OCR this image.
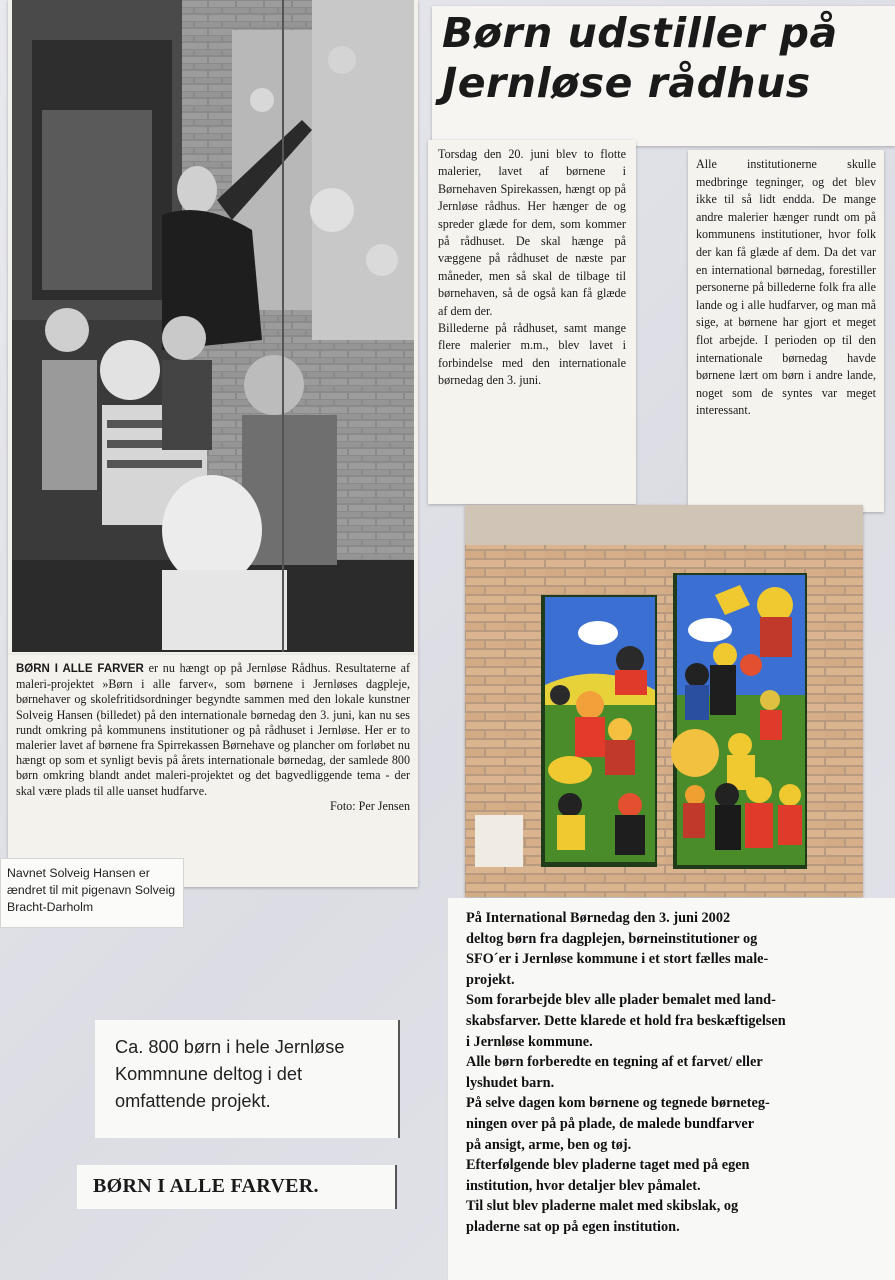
BØRN I ALLE FARVER er nu hængt op på Jernløse Rådhus. Resultaterne af maleri-projektet »Børn i alle farver«, som børnene i Jernløses dagpleje, børnehaver og skolefritidsordninger begyndte sammen med den lokale kunstner Solveig Hansen (billedet) på den internationale børnedag den 3. juni, kan nu ses rundt omkring på kommunens institutioner og på rådhuset i Jernløse. Her er to malerier lavet af børnene fra Spirrekassen Børnehave og plancher om forløbet nu hængt op som et synligt bevis på årets internationale børnedag, der samlede 800 børn omkring blandt andet maleri-projektet og det bagvedliggende tema - der skal være plads til alle uanset hudfarve.
Foto: Per Jensen

Navnet Solveig Hansen er ændret til mit pigenavn Solveig Bracht-Darholm

Børn udstiller på
Jernløse rådhus

Torsdag den 20. juni blev to flotte malerier, lavet af børnene i Børnehaven Spirekassen, hængt op på Jernløse rådhus. Her hænger de og spreder glæde for dem, som kommer på rådhuset. De skal hænge på væggene på rådhuset de næste par måneder, men så skal de tilbage til børnehaven, så de også kan få glæde af dem der.

Billederne på rådhuset, samt mange flere malerier m.m., blev lavet i forbindelse med den internationale børnedag den 3. juni.

Alle institutionerne skulle medbringe tegninger, og det blev ikke til så lidt endda. De mange andre malerier hænger rundt om på kommunens institutioner, hvor folk der kan få glæde af dem. Da det var en international børnedag, forestiller personerne på billederne folk fra alle lande og i alle hudfarver, og man må sige, at børnene har gjort et meget flot arbejde. I perioden op til den internationale børnedag havde børnene lært om børn i andre lande, noget som de syntes var meget interessant.

På International Børnedag den 3. juni 2002

deltog børn fra dagplejen, børneinstitutioner og

SFO´er i Jernløse kommune i et stort fælles male-

projekt.

Som forarbejde blev alle plader bemalet med land-

skabsfarver. Dette klarede et hold fra beskæftigelsen

i Jernløse kommune.

Alle børn forberedte en tegning af et farvet/ eller

lyshudet barn.

På selve dagen kom børnene og tegnede børneteg-

ningen over på på plade, de malede bundfarver

på ansigt, arme, ben og tøj.

Efterfølgende blev pladerne taget med på egen

institution, hvor detaljer blev påmalet.

Til slut blev pladerne malet med skibslak, og

pladerne sat op på egen institution.

Ca. 800 børn i hele Jernløse Kommnune deltog i det omfattende projekt.

BØRN I ALLE FARVER.
